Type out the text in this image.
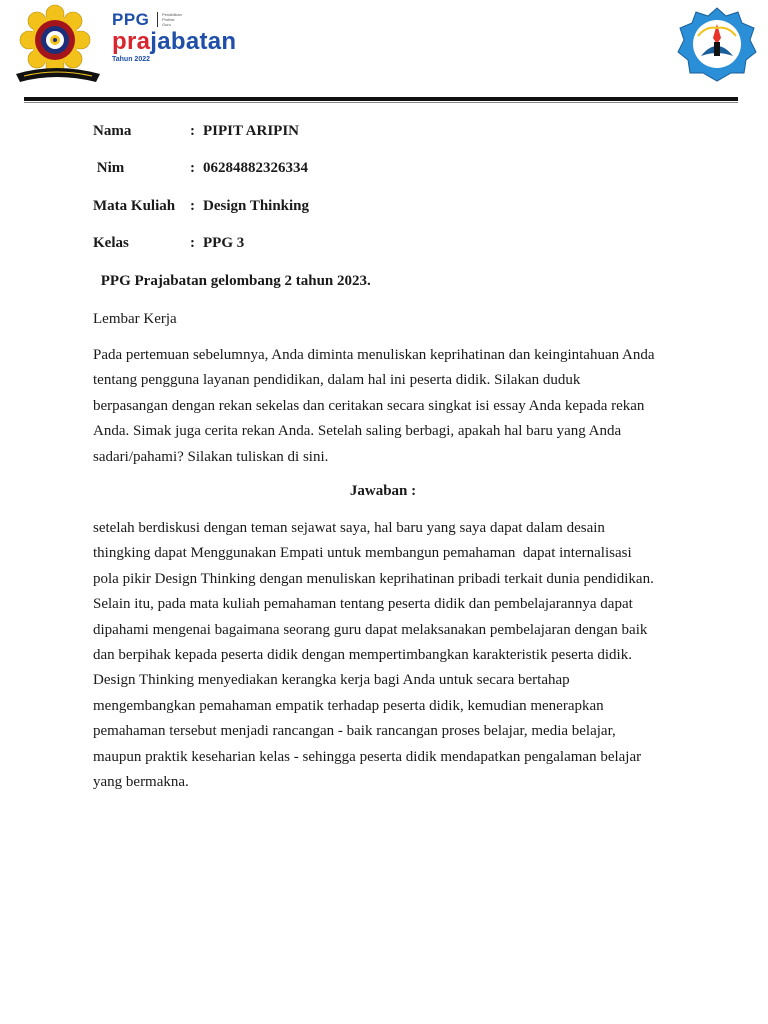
PPG	Pendidikan
Profesi
Guru
prajabatan
Tahun 2022
Nama	: PIPIT ARIPIN
Nim	: 06284882326334
Mata Kuliah : Design Thinking
Kelas	: PPG 3
PPG Prajabatan gelombang 2 tahun 2023.
Lembar Kerja
Pada pertemuan sebelumnya, Anda diminta menuliskan keprihatinan dan keingintahuan Anda
tentang pengguna layanan pendidikan, dalam hal ini peserta didik. Silakan duduk
berpasangan dengan rekan sekelas dan ceritakan secara singkat isi essay Anda kepada rekan
Anda. Simak juga cerita rekan Anda. Setelah saling berbagi, apakah hal baru yang Anda
sadari/pahami? Silakan tuliskan di sini.
Jawaban :
setelah berdiskusi dengan teman sejawat saya, hal baru yang saya dapat dalam desain
thingking dapat Menggunakan Empati untuk membangun pemahaman  dapat internalisasi
pola pikir Design Thinking dengan menuliskan keprihatinan pribadi terkait dunia pendidikan.
Selain itu, pada mata kuliah pemahaman tentang peserta didik dan pembelajarannya dapat
dipahami mengenai bagaimana seorang guru dapat melaksanakan pembelajaran dengan baik
dan berpihak kepada peserta didik dengan mempertimbangkan karakteristik peserta didik.
Design Thinking menyediakan kerangka kerja bagi Anda untuk secara bertahap
mengembangkan pemahaman empatik terhadap peserta didik, kemudian menerapkan
pemahaman tersebut menjadi rancangan - baik rancangan proses belajar, media belajar,
maupun praktik keseharian kelas - sehingga peserta didik mendapatkan pengalaman belajar
yang bermakna.
